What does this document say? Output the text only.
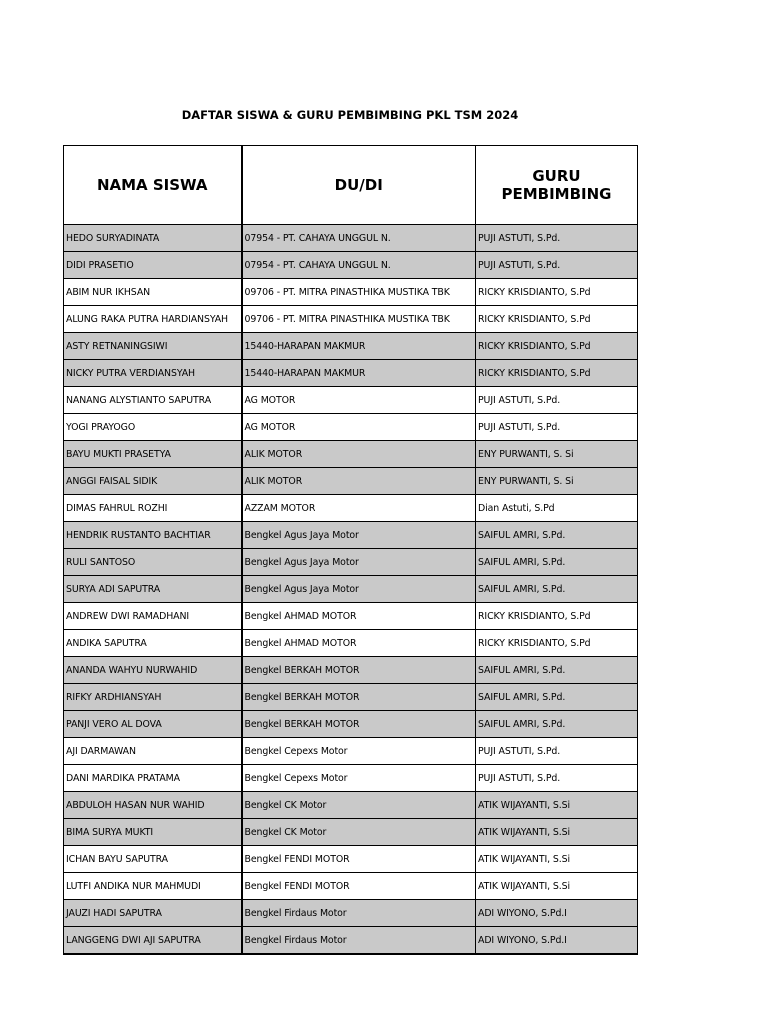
DAFTAR SISWA & GURU PEMBIMBING PKL TSM 2024
NAMA SISWA	DU/DI	GURU PEMBIMBING
HEDO SURYADINATA	07954 - PT. CAHAYA UNGGUL N.	PUJI ASTUTI, S.Pd.
DIDI PRASETIO	07954 - PT. CAHAYA UNGGUL N.	PUJI ASTUTI, S.Pd.
ABIM NUR IKHSAN	09706 - PT. MITRA PINASTHIKA MUSTIKA TBK	RICKY KRISDIANTO, S.Pd
ALUNG RAKA PUTRA HARDIANSYAH	09706 - PT. MITRA PINASTHIKA MUSTIKA TBK	RICKY KRISDIANTO, S.Pd
ASTY RETNANINGSIWI	15440-HARAPAN MAKMUR	RICKY KRISDIANTO, S.Pd
NICKY PUTRA VERDIANSYAH	15440-HARAPAN MAKMUR	RICKY KRISDIANTO, S.Pd
NANANG ALYSTIANTO SAPUTRA	AG MOTOR	PUJI ASTUTI, S.Pd.
YOGI PRAYOGO	AG MOTOR	PUJI ASTUTI, S.Pd.
BAYU MUKTI PRASETYA	ALIK MOTOR	ENY PURWANTI, S. Si
ANGGI FAISAL SIDIK	ALIK MOTOR	ENY PURWANTI, S. Si
DIMAS FAHRUL ROZHI	AZZAM MOTOR	Dian Astuti, S.Pd
HENDRIK RUSTANTO BACHTIAR	Bengkel Agus Jaya Motor	SAIFUL AMRI, S.Pd.
RULI SANTOSO	Bengkel Agus Jaya Motor	SAIFUL AMRI, S.Pd.
SURYA ADI SAPUTRA	Bengkel Agus Jaya Motor	SAIFUL AMRI, S.Pd.
ANDREW DWI RAMADHANI	Bengkel AHMAD MOTOR	RICKY KRISDIANTO, S.Pd
ANDIKA SAPUTRA	Bengkel AHMAD MOTOR	RICKY KRISDIANTO, S.Pd
ANANDA WAHYU NURWAHID	Bengkel BERKAH MOTOR	SAIFUL AMRI, S.Pd.
RIFKY ARDHIANSYAH	Bengkel BERKAH MOTOR	SAIFUL AMRI, S.Pd.
PANJI VERO AL DOVA	Bengkel BERKAH MOTOR	SAIFUL AMRI, S.Pd.
AJI DARMAWAN	Bengkel Cepexs Motor	PUJI ASTUTI, S.Pd.
DANI MARDIKA PRATAMA	Bengkel Cepexs Motor	PUJI ASTUTI, S.Pd.
ABDULOH HASAN NUR WAHID	Bengkel CK Motor	ATIK WIJAYANTI, S.Si
BIMA SURYA MUKTI	Bengkel CK Motor	ATIK WIJAYANTI, S.Si
ICHAN BAYU SAPUTRA	Bengkel FENDI MOTOR	ATIK WIJAYANTI, S.Si
LUTFI ANDIKA NUR MAHMUDI	Bengkel FENDI MOTOR	ATIK WIJAYANTI, S.Si
JAUZI HADI SAPUTRA	Bengkel Firdaus Motor	ADI WIYONO, S.Pd.I
LANGGENG DWI AJI SAPUTRA	Bengkel Firdaus Motor	ADI WIYONO, S.Pd.I
